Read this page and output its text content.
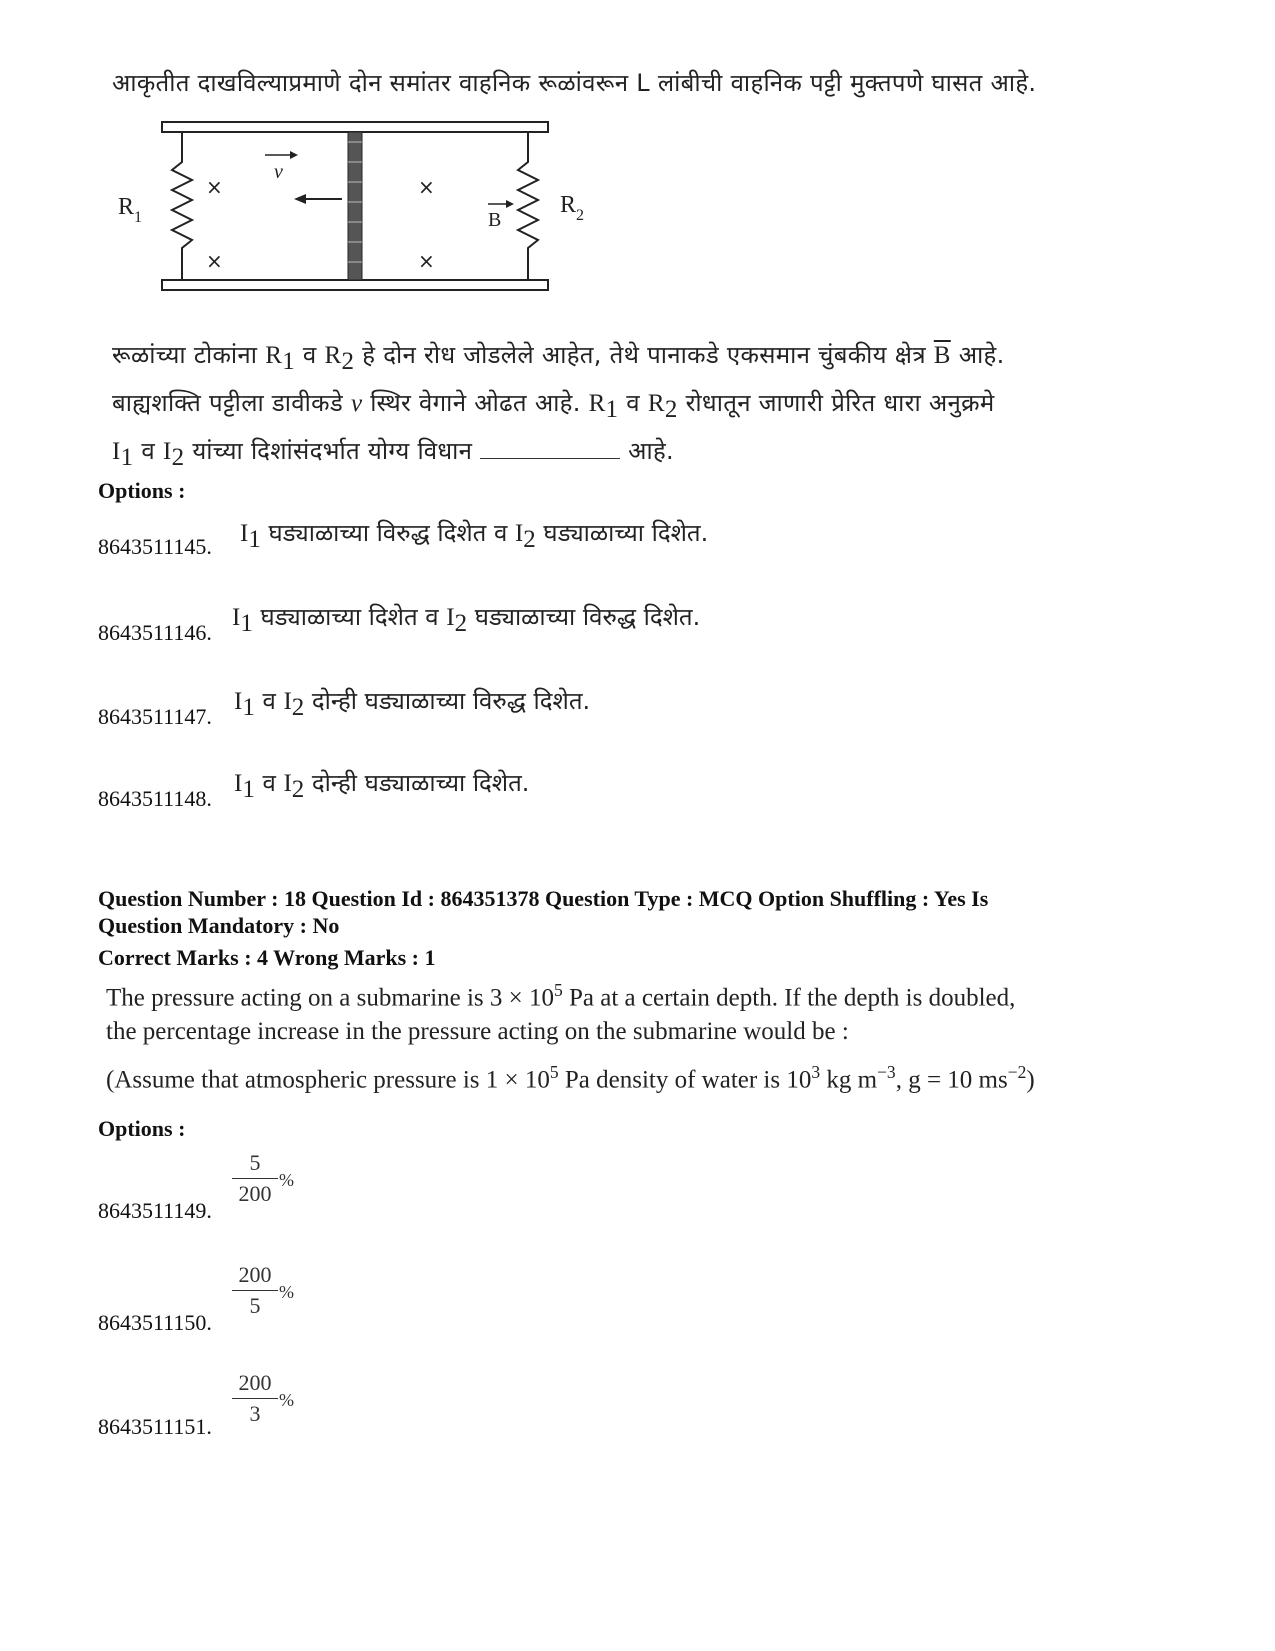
आकृतीत दाखविल्याप्रमाणे दोन समांतर वाहनिक रूळांवरून L लांबीची वाहनिक पट्टी मुक्तपणे घासत आहे.
R 1	R 2
v
B
×
×
×
×
रूळांच्या टोकांना $R_1$ व $R_2$ हे दोन रोध जोडलेले आहेत, तेथे पानाकडे एकसमान चुंबकीय क्षेत्र $\overline{B}$ आहे.
बाह्यशक्ति पट्टीला डावीकडे v स्थिर वेगाने ओढत आहे. $R_1$ व $R_2$ रोधातून जाणारी प्रेरित धारा अनुक्रमे
$I_1$ व $I_2$ यांच्या दिशांसंदर्भात योग्य विधान	आहे.
Options :
8643511145. $I_1$ घड्याळाच्या विरुद्ध दिशेत व $I_2$ घड्याळाच्या दिशेत.
8643511146.
$I_1$ घड्याळाच्या दिशेत व $I_2$ घड्याळाच्या विरुद्ध दिशेत.
8643511147.
$I_1$ व $I_2$ दोन्ही घड्याळाच्या विरुद्ध दिशेत.
8643511148.
$I_1$ व $I_2$ दोन्ही घड्याळाच्या दिशेत.
Question Number : 18 Question Id : 864351378 Question Type : MCQ Option Shuffling : Yes Is
Question Mandatory : No
Correct Marks : 4 Wrong Marks : 1
The pressure acting on a submarine is $3 \times 10^5$ Pa at a certain depth. If the depth is doubled,
the percentage increase in the pressure acting on the submarine would be :
(Assume that atmospheric pressure is $1 \times 10^5$ Pa density of water is $10^3$ kg $m^{-3}$, g = 10 $ms^{-2}$)
Options :
8643511149.
5
200
%
8643511150.
200
5
%
8643511151.
200
3
%
